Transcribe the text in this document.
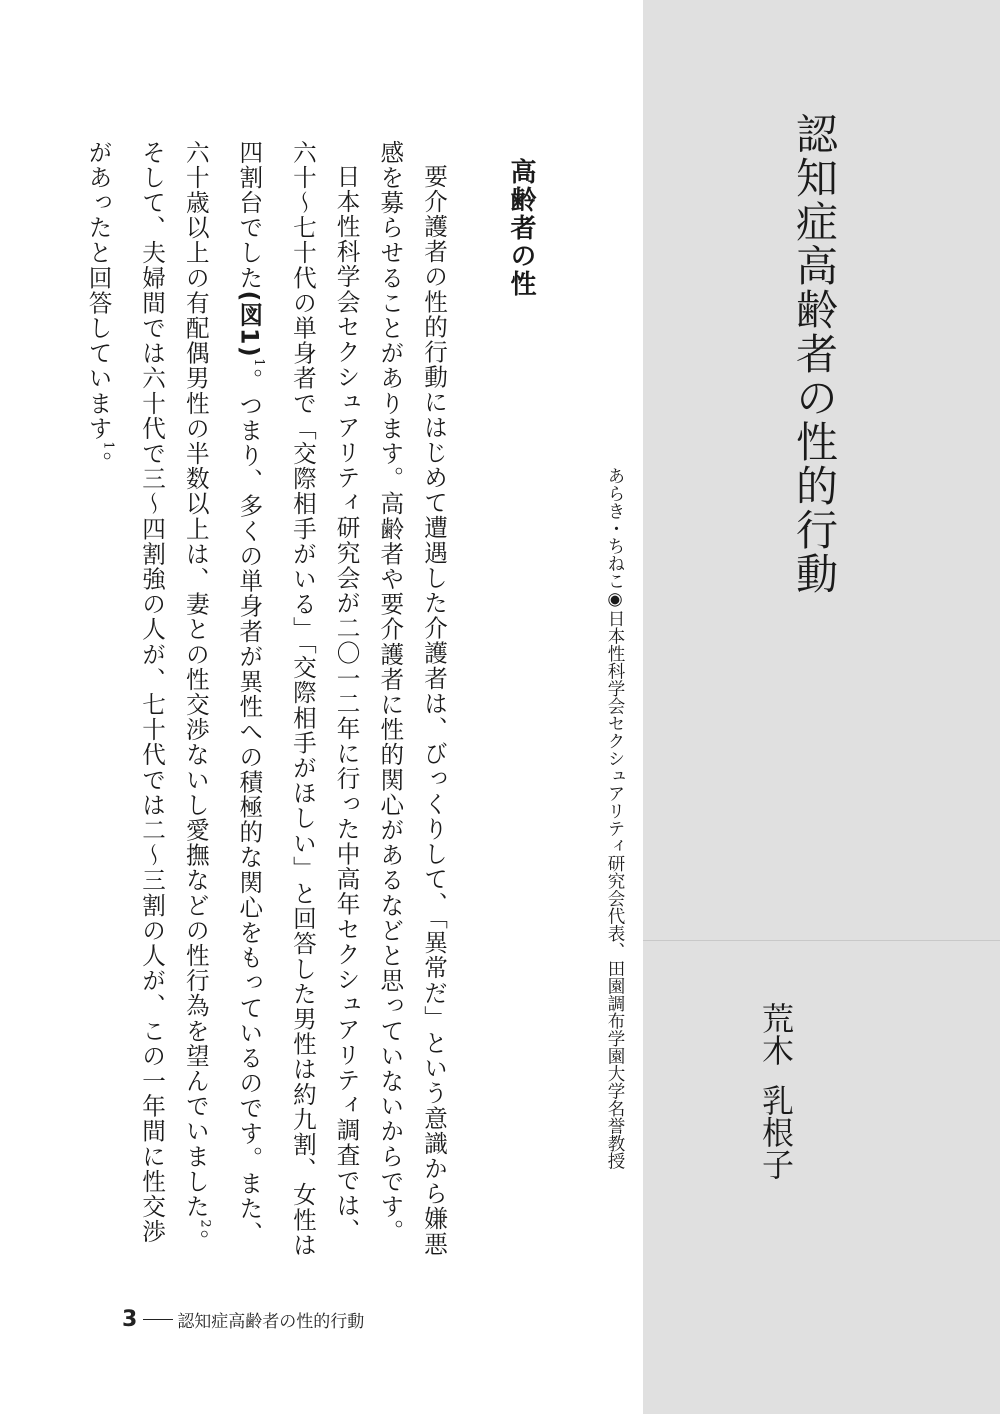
認知症高齢者の性的行動
あらき・ちねこ◉日本性科学会セクシュアリティ研究会代表、田園調布学園大学名誉教授	荒木乳根子
高齢者の性

要介護者の性的行動にはじめて遭遇した介護者は、びっくりして、「異常だ」という意識から嫌悪
感を募らせることがあります。高齢者や要介護者に性的関心があるなどと思っていないからです。

日本性科学会セクシュアリティ研究会が二〇一二年に行った中高年セクシュアリティ調査では、
六十〜七十代の単身者で「交際相手がいる」「交際相手がほしい」と回答した男性は約九割、女性は
四割台でした(図1)$^1$。つまり、多くの単身者が異性への積極的な関心をもっているのです。また、
六十歳以上の有配偶男性の半数以上は、妻との性交渉ないし愛撫などの性行為を望んでいました$^2$。
そして、夫婦間では六十代で三〜四割強の人が、七十代では二〜三割の人が、この一年間に性交渉
があったと回答しています$^1$。

3 認知症高齢者の性的行動
